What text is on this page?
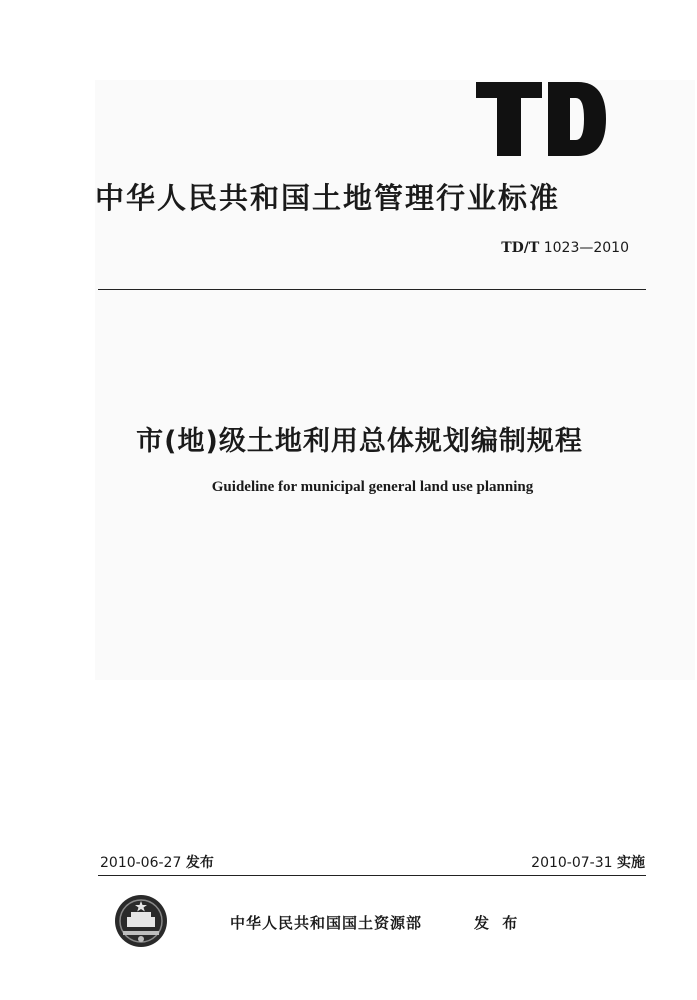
中华人民共和国土地管理行业标准
TD/T 1023—2010
市(地)级土地利用总体规划编制规程
Guideline for municipal general land use planning
2010-06-27 发布	2010-07-31 实施
中华人民共和国国土资源部	发 布
